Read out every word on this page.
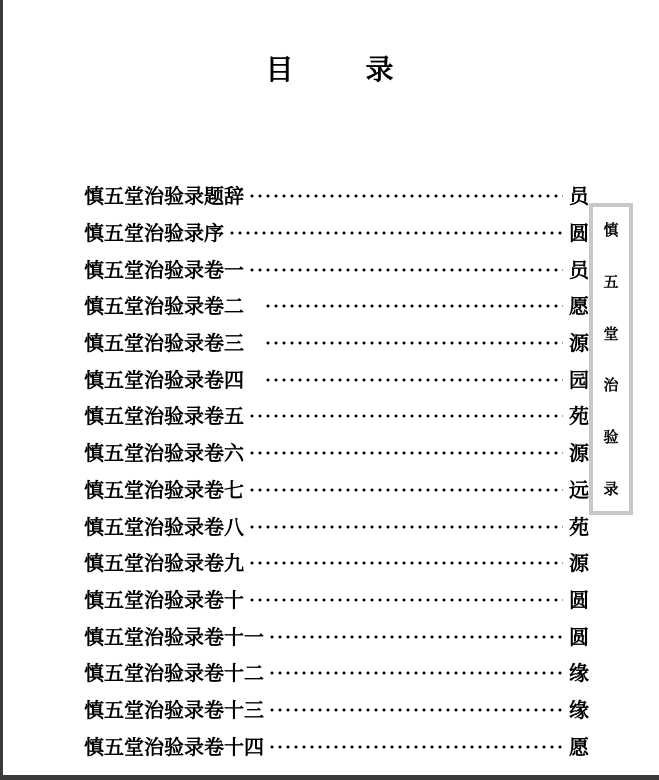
目	录
慎五堂治验录题辞	员
慎五堂治验录序	圆
慎五堂治验录卷一	员
慎五堂治验录卷二	愿
慎五堂治验录卷三	源
慎五堂治验录卷四	园
慎五堂治验录卷五	苑
慎五堂治验录卷六	源
慎五堂治验录卷七	远
慎五堂治验录卷八	苑
慎五堂治验录卷九	源
慎五堂治验录卷十	圆
慎五堂治验录卷十一	圆
慎五堂治验录卷十二	缘
慎五堂治验录卷十三	缘
慎五堂治验录卷十四	愿
慎
五
堂
治
验
录
